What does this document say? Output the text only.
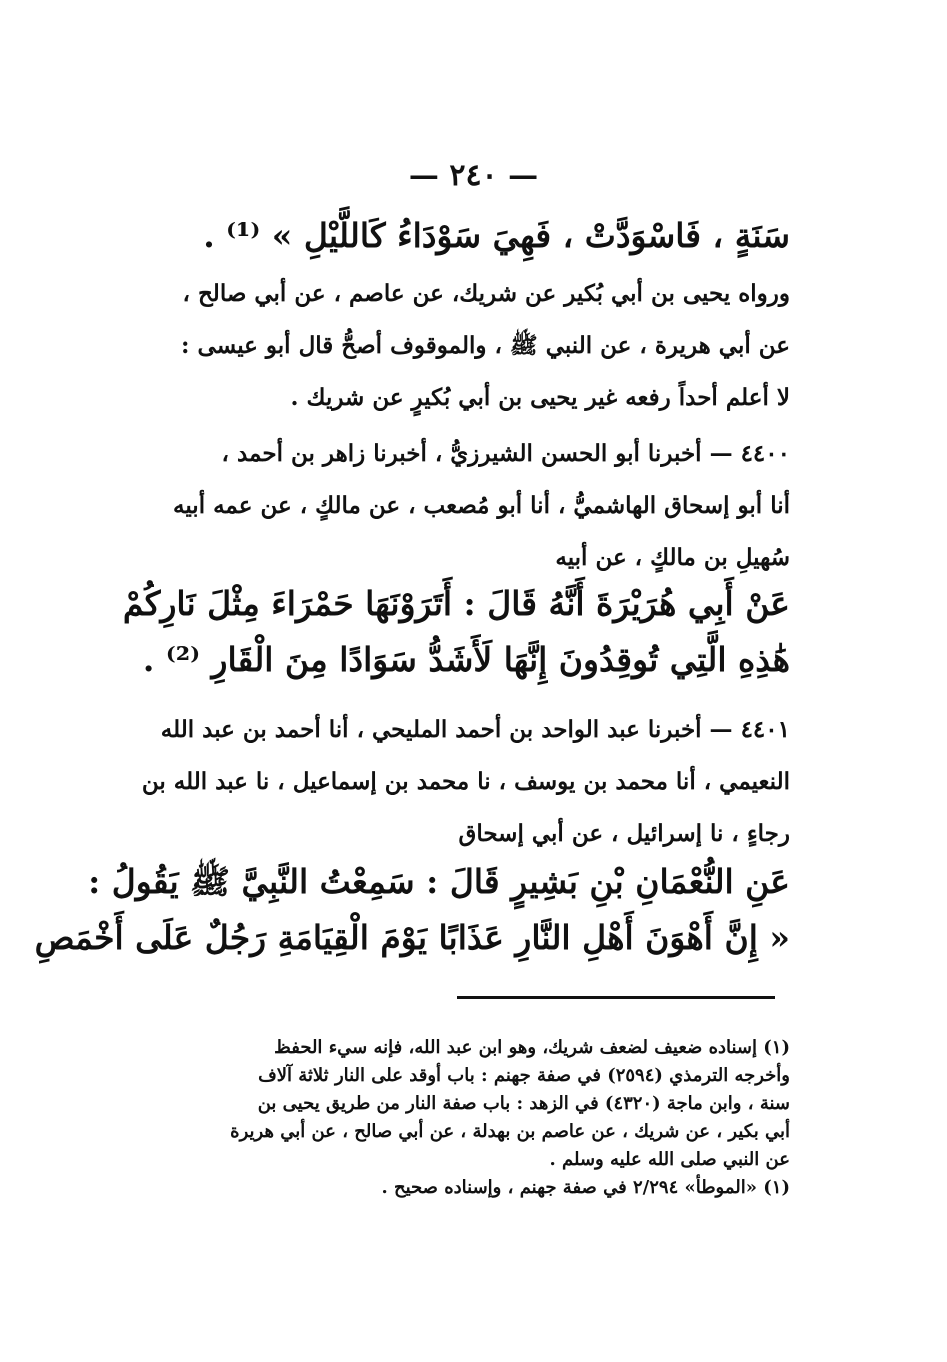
— ٢٤٠ —
سَنَةٍ ، فَاسْوَدَّتْ ، فَهِيَ سَوْدَاءُ كَاللَّيْلِ » ⁽¹⁾ .
ورواه يحيى بن أبي بُكير عن شريك، عن عاصم ، عن أبي صالح ،
عن أبي هريرة ، عن النبي ﷺ ، والموقوف أصحُّ قال أبو عيسى :
لا أعلم أحداً رفعه غير يحيى بن أبي بُكيرٍ عن شريك .
٤٤٠٠ — أخبرنا أبو الحسن الشيرزيُّ ، أخبرنا زاهر بن أحمد ،
أنا أبو إسحاق الهاشميُّ ، أنا أبو مُصعب ، عن مالكٍ ، عن عمه أبيه
سُهيلِ بن مالكٍ ، عن أبيه
عَنْ أَبِي هُرَيْرَةَ أَنَّهُ قَالَ : أَتَرَوْنَهَا حَمْرَاءَ مِثْلَ نَارِكُمْ
هَٰذِهِ الَّتِي تُوقِدُونَ إِنَّهَا لَأَشَدُّ سَوَادًا مِنَ الْقَارِ ⁽²⁾ .
٤٤٠١ — أخبرنا عبد الواحد بن أحمد المليحي ، أنا أحمد بن عبد الله
النعيمي ، أنا محمد بن يوسف ، نا محمد بن إسماعيل ، نا عبد الله بن
رجاءٍ ، نا إسرائيل ، عن أبي إسحاق
عَنِ النُّعْمَانِ بْنِ بَشِيرٍ قَالَ : سَمِعْتُ النَّبِيَّ ﷺ يَقُولُ :
« إِنَّ أَهْوَنَ أَهْلِ النَّارِ عَذَابًا يَوْمَ الْقِيَامَةِ رَجُلٌ عَلَى أَخْمَصِ
(١) إسناده ضعيف لضعف شريك، وهو ابن عبد الله، فإنه سيء الحفظ
وأخرجه الترمذي (٢٥٩٤) في صفة جهنم : باب أوقد على النار ثلاثة آلاف
سنة ، وابن ماجة (٤٣٢٠) في الزهد : باب صفة النار من طريق يحيى بن
أبي بكير ، عن شريك ، عن عاصم بن بهدلة ، عن أبي صالح ، عن أبي هريرة
عن النبي صلى الله عليه وسلم .
(١) «الموطأ» ٢/٢٩٤ في صفة جهنم ، وإسناده صحيح .
